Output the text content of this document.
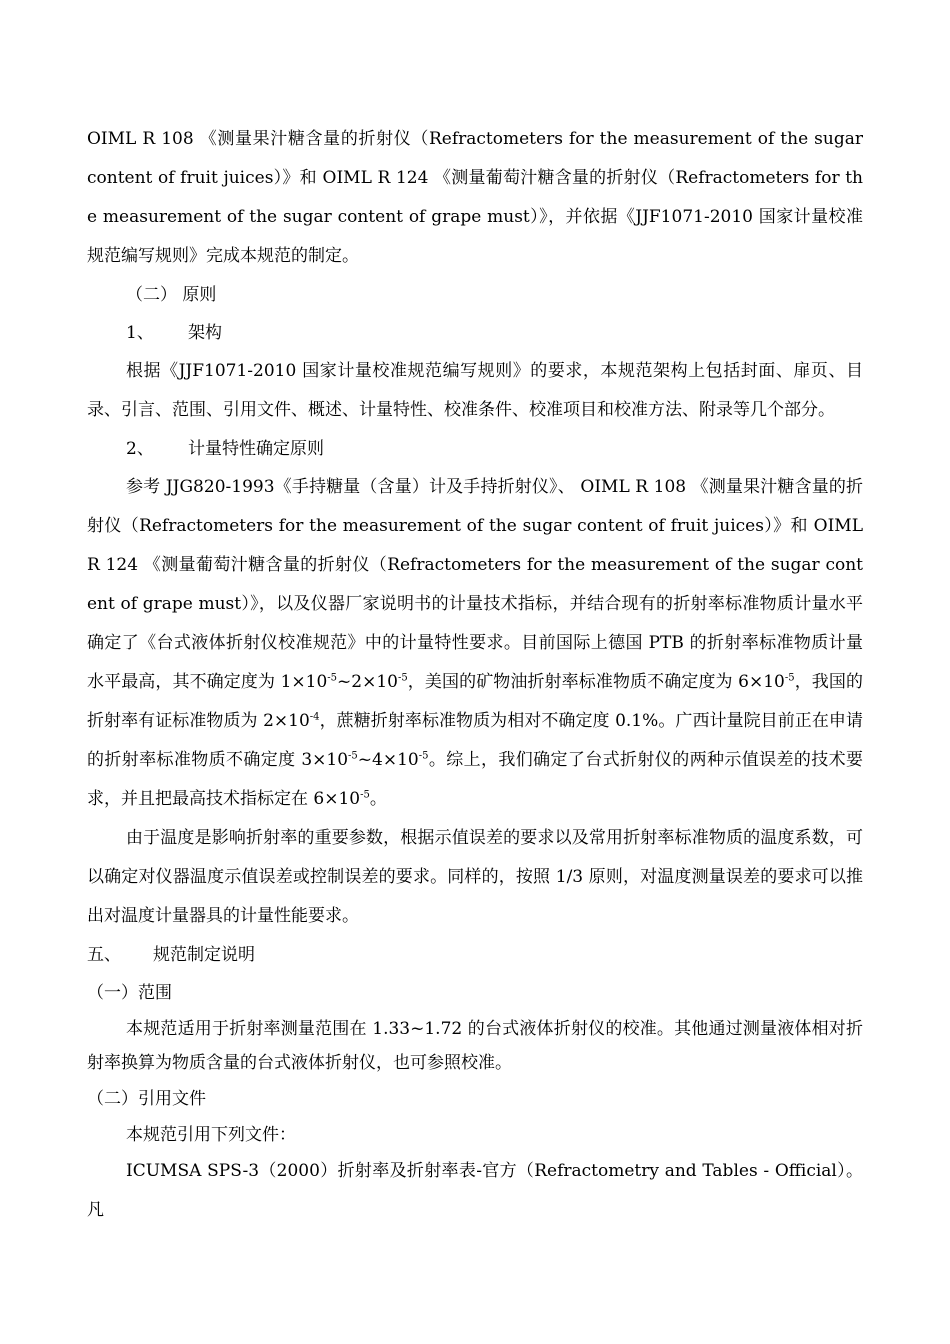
OIML R 108 《测量果汁糖含量的折射仪（Refractometers for the measurement of the sugar content of fruit juices）》和 OIML R 124 《测量葡萄汁糖含量的折射仪（Refractometers for the measurement of the sugar content of grape must）》，并依据《JJF1071-2010 国家计量校准规范编写规则》完成本规范的制定。

（二） 原则
1、 架构

根据《JJF1071-2010 国家计量校准规范编写规则》的要求，本规范架构上包括封面、扉页、目录、引言、范围、引用文件、概述、计量特性、校准条件、校准项目和校准方法、附录等几个部分。

2、 计量特性确定原则

参考 JJG820-1993《手持糖量（含量）计及手持折射仪》、 OIML R 108 《测量果汁糖含量的折射仪（Refractometers for the measurement of the sugar content of fruit juices）》和 OIML R 124 《测量葡萄汁糖含量的折射仪（Refractometers for the measurement of the sugar content of grape must）》，以及仪器厂家说明书的计量技术指标，并结合现有的折射率标准物质计量水平确定了《台式液体折射仪校准规范》中的计量特性要求。目前国际上德国 PTB 的折射率标准物质计量水平最高，其不确定度为 $1\times 10^{-5}\sim 2\times 10^{-5}$，美国的矿物油折射率标准物质不确定度为 $6\times 10^{-5}$，我国的折射率有证标准物质为 $2\times 10^{-4}$，蔗糖折射率标准物质为相对不确定度 0.1%。广西计量院目前正在申请的折射率标准物质不确定度 $3\times 10^{-5}\sim 4\times 10^{-5}$。综上，我们确定了台式折射仪的两种示值误差的技术要求，并且把最高技术指标定在 $6\times 10^{-5}$。

由于温度是影响折射率的重要参数，根据示值误差的要求以及常用折射率标准物质的温度系数，可以确定对仪器温度示值误差或控制误差的要求。同样的，按照 1/3 原则，对温度测量误差的要求可以推出对温度计量器具的计量性能要求。

五、 规范制定说明
（一）范围

本规范适用于折射率测量范围在 1.33~1.72 的台式液体折射仪的校准。其他通过测量液体相对折射率换算为物质含量的台式液体折射仪，也可参照校准。

（二）引用文件

本规范引用下列文件：

ICUMSA SPS-3（2000）折射率及折射率表-官方（Refractometry and Tables - Official）。凡
